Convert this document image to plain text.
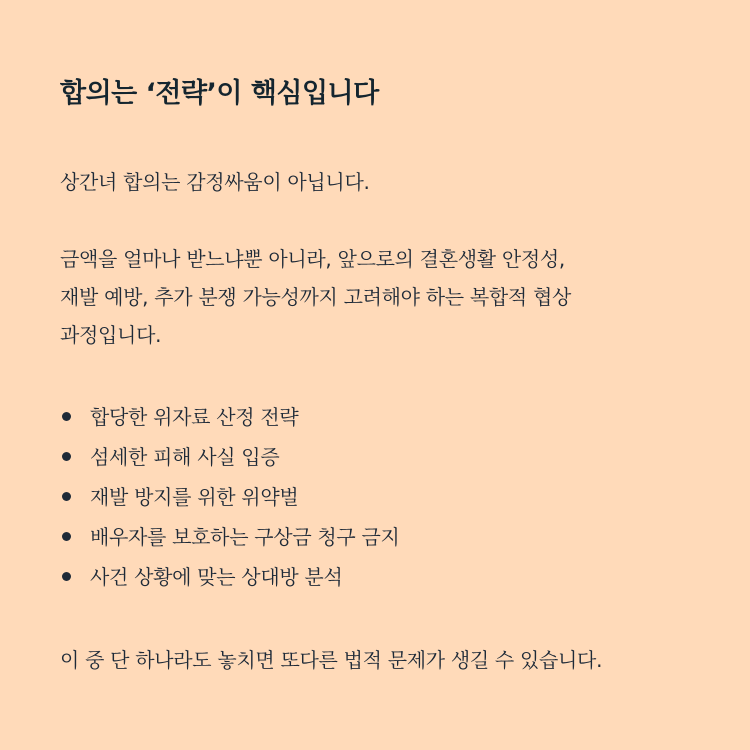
합의는 ‘전략’이 핵심입니다

상간녀 합의는 감정싸움이 아닙니다.

금액을 얼마나 받느냐뿐 아니라, 앞으로의 결혼생활 안정성,
재발 예방, 추가 분쟁 가능성까지 고려해야 하는 복합적 협상
과정입니다.

합당한 위자료 산정 전략
섬세한 피해 사실 입증
재발 방지를 위한 위약벌
배우자를 보호하는 구상금 청구 금지
사건 상황에 맞는 상대방 분석

이 중 단 하나라도 놓치면 또다른 법적 문제가 생길 수 있습니다.
